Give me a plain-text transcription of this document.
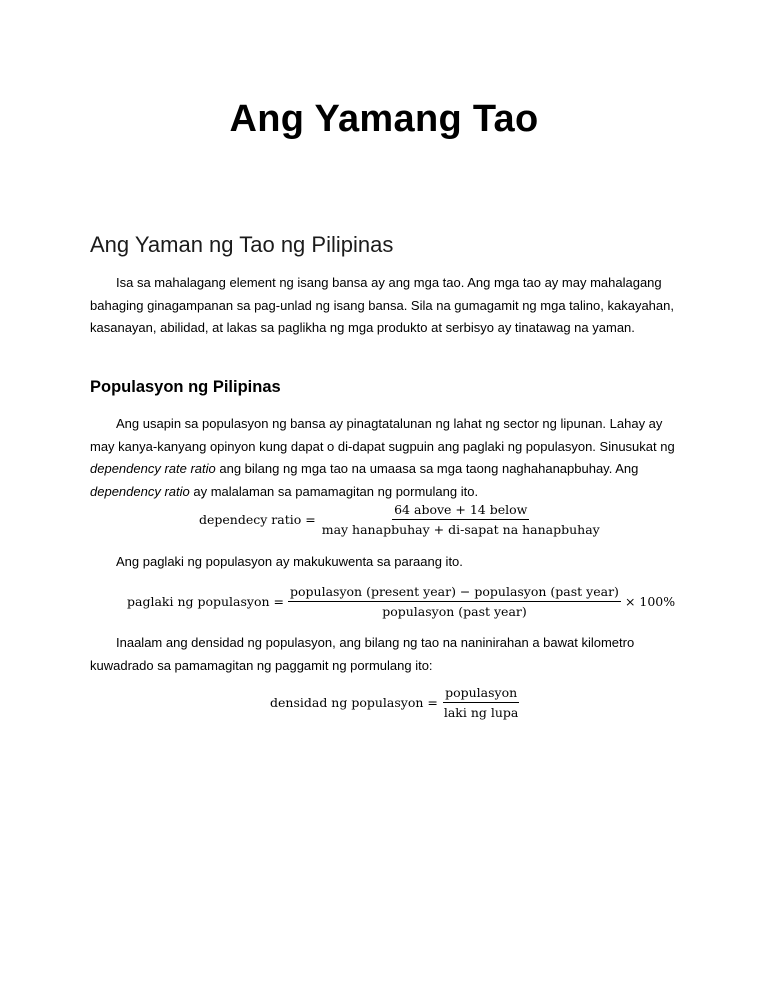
Ang Yamang Tao
Ang Yaman ng Tao ng Pilipinas

Isa sa mahalagang element ng isang bansa ay ang mga tao. Ang mga tao ay may mahalagang bahaging ginagampanan sa pag-unlad ng isang bansa. Sila na gumagamit ng mga talino, kakayahan, kasanayan, abilidad, at lakas sa paglikha ng mga produkto at serbisyo ay tinatawag na yaman.

Populasyon ng Pilipinas

Ang usapin sa populasyon ng bansa ay pinagtatalunan ng lahat ng sector ng lipunan. Lahay ay may kanya-kanyang opinyon kung dapat o di-dapat sugpuin ang paglaki ng populasyon. Sinusukat ng dependency rate ratio ang bilang ng mga tao na umaasa sa mga taong naghahanapbuhay. Ang dependency ratio ay malalaman sa pamamagitan ng pormulang ito.

dependecy ratio = $\frac{\text{64 above + 14 below}}{\text{may hanapbuhay + di-sapat na hanapbuhay}}$

Ang paglaki ng populasyon ay makukuwenta sa paraang ito.

paglaki ng populasyon = $\frac{\text{populasyon (present year) − populasyon (past year)}}{\text{populasyon (past year)}} \times 100\%$

Inaalam ang densidad ng populasyon, ang bilang ng tao na naninirahan a bawat kilometro kuwadrado sa pamamagitan ng paggamit ng pormulang ito:

densidad ng populasyon = $\frac{\text{populasyon}}{\text{laki ng lupa}}$
